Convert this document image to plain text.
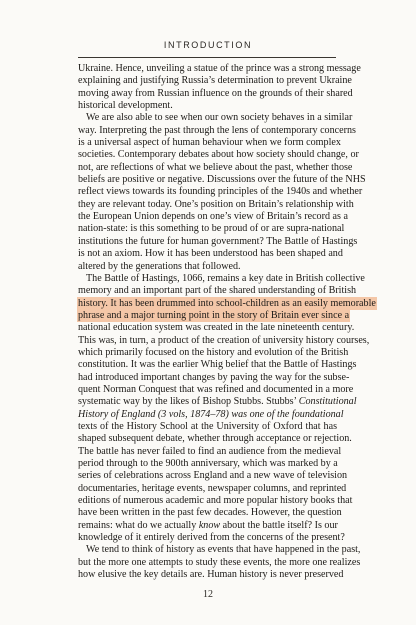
INTRODUCTION
Ukraine. Hence, unveiling a statue of the prince was a strong message
explaining and justifying Russia’s determination to prevent Ukraine
moving away from Russian influence on the grounds of their shared
historical development.
We are also able to see when our own society behaves in a similar
way. Interpreting the past through the lens of contemporary concerns
is a universal aspect of human behaviour when we form complex
societies. Contemporary debates about how society should change, or
not, are reflections of what we believe about the past, whether those
beliefs are positive or negative. Discussions over the future of the NHS
reflect views towards its founding principles of the 1940s and whether
they are relevant today. One’s position on Britain’s relationship with
the European Union depends on one’s view of Britain’s record as a
nation-state: is this something to be proud of or are supra-national
institutions the future for human government? The Battle of Hastings
is not an axiom. How it has been understood has been shaped and
altered by the generations that followed.
The Battle of Hastings, 1066, remains a key date in British collective
memory and an important part of the shared understanding of British
history. It has been drummed into school-children as an easily memorable
phrase and a major turning point in the story of Britain ever since a
national education system was created in the late nineteenth century.
This was, in turn, a product of the creation of university history courses,
which primarily focused on the history and evolution of the British
constitution. It was the earlier Whig belief that the Battle of Hastings
had introduced important changes by paving the way for the subse-
quent Norman Conquest that was refined and documented in a more
systematic way by the likes of Bishop Stubbs. Stubbs’ Constitutional
History of England (3 vols, 1874–78) was one of the foundational
texts of the History School at the University of Oxford that has
shaped subsequent debate, whether through acceptance or rejection.
The battle has never failed to find an audience from the medieval
period through to the 900th anniversary, which was marked by a
series of celebrations across England and a new wave of television
documentaries, heritage events, newspaper columns, and reprinted
editions of numerous academic and more popular history books that
have been written in the past few decades. However, the question
remains: what do we actually know about the battle itself? Is our
knowledge of it entirely derived from the concerns of the present?
We tend to think of history as events that have happened in the past,
but the more one attempts to study these events, the more one realizes
how elusive the key details are. Human history is never preserved
12
